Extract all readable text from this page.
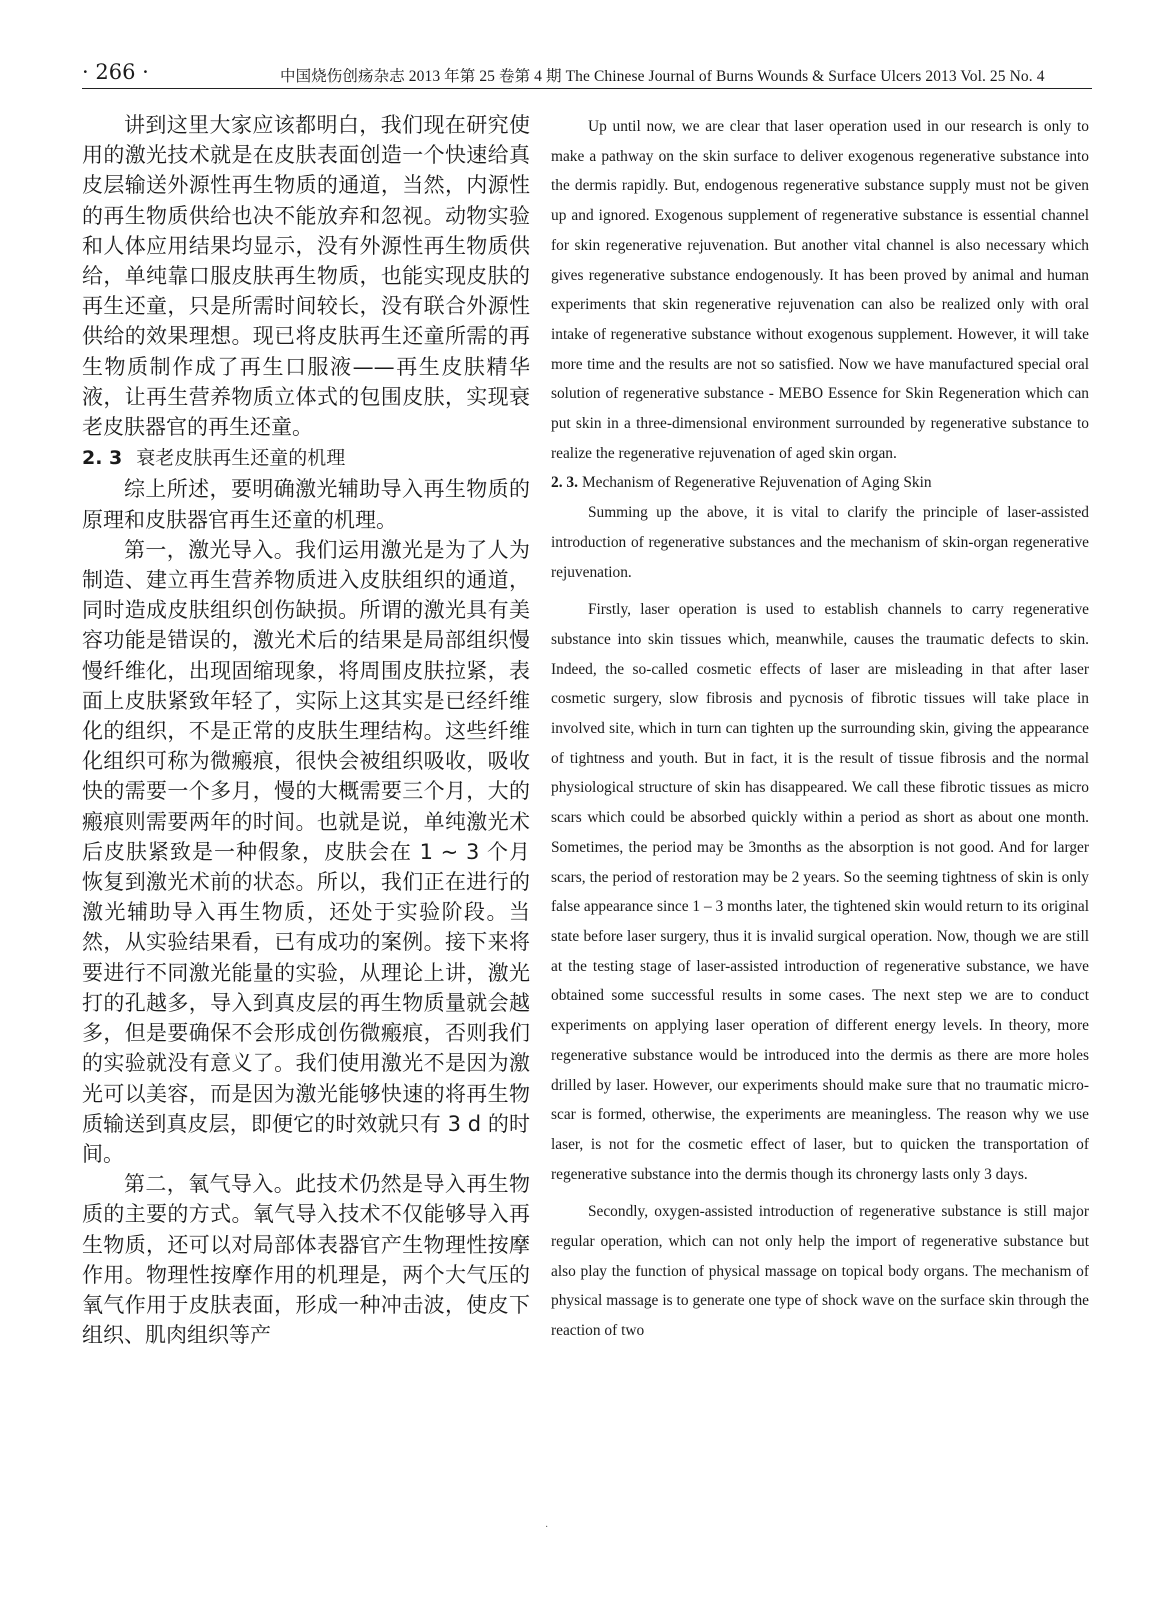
· 266 ·	中国烧伤创疡杂志 2013 年第 25 卷第 4 期 The Chinese Journal of Burns Wounds & Surface Ulcers 2013 Vol. 25 No. 4

讲到这里大家应该都明白，我们现在研究使用的激光技术就是在皮肤表面创造一个快速给真皮层输送外源性再生物质的通道，当然，内源性的再生物质供给也决不能放弃和忽视。动物实验和人体应用结果均显示，没有外源性再生物质供给，单纯靠口服皮肤再生物质，也能实现皮肤的再生还童，只是所需时间较长，没有联合外源性供给的效果理想。现已将皮肤再生还童所需的再生物质制作成了再生口服液——再生皮肤精华液，让再生营养物质立体式的包围皮肤，实现衰老皮肤器官的再生还童。

2. 3 衰老皮肤再生还童的机理

综上所述，要明确激光辅助导入再生物质的原理和皮肤器官再生还童的机理。

第一，激光导入。我们运用激光是为了人为制造、建立再生营养物质进入皮肤组织的通道，同时造成皮肤组织创伤缺损。所谓的激光具有美容功能是错误的，激光术后的结果是局部组织慢慢纤维化，出现固缩现象，将周围皮肤拉紧，表面上皮肤紧致年轻了，实际上这其实是已经纤维化的组织，不是正常的皮肤生理结构。这些纤维化组织可称为微瘢痕，很快会被组织吸收，吸收快的需要一个多月，慢的大概需要三个月，大的瘢痕则需要两年的时间。也就是说，单纯激光术后皮肤紧致是一种假象，皮肤会在 1 ~ 3 个月恢复到激光术前的状态。所以，我们正在进行的激光辅助导入再生物质，还处于实验阶段。当然，从实验结果看，已有成功的案例。接下来将要进行不同激光能量的实验，从理论上讲，激光打的孔越多，导入到真皮层的再生物质量就会越多，但是要确保不会形成创伤微瘢痕，否则我们的实验就没有意义了。我们使用激光不是因为激光可以美容，而是因为激光能够快速的将再生物质输送到真皮层，即便它的时效就只有 3 d 的时间。

第二，氧气导入。此技术仍然是导入再生物质的主要的方式。氧气导入技术不仅能够导入再生物质，还可以对局部体表器官产生物理性按摩作用。物理性按摩作用的机理是，两个大气压的氧气作用于皮肤表面，形成一种冲击波，使皮下组织、肌肉组织等产

Up until now, we are clear that laser operation used in our research is only to make a pathway on the skin surface to deliver exogenous regenerative substance into the dermis rapidly. But, endogenous regenerative substance supply must not be given up and ignored. Exogenous supplement of regenerative substance is essential channel for skin regenerative rejuvenation. But another vital channel is also necessary which gives regenerative substance endogenously. It has been proved by animal and human experiments that skin regenerative rejuvenation can also be realized only with oral intake of regenerative substance without exogenous supplement. However, it will take more time and the results are not so satisfied. Now we have manufactured special oral solution of regenerative substance - MEBO Essence for Skin Regeneration which can put skin in a three-dimensional environment surrounded by regenerative substance to realize the regenerative rejuvenation of aged skin organ.

2. 3. Mechanism of Regenerative Rejuvenation of Aging Skin

Summing up the above, it is vital to clarify the principle of laser-assisted introduction of regenerative substances and the mechanism of skin-organ regenerative rejuvenation.

Firstly, laser operation is used to establish channels to carry regenerative substance into skin tissues which, meanwhile, causes the traumatic defects to skin. Indeed, the so-called cosmetic effects of laser are misleading in that after laser cosmetic surgery, slow fibrosis and pycnosis of fibrotic tissues will take place in involved site, which in turn can tighten up the surrounding skin, giving the appearance of tightness and youth. But in fact, it is the result of tissue fibrosis and the normal physiological structure of skin has disappeared. We call these fibrotic tissues as micro scars which could be absorbed quickly within a period as short as about one month. Sometimes, the period may be 3months as the absorption is not good. And for larger scars, the period of restoration may be 2 years. So the seeming tightness of skin is only false appearance since 1 – 3 months later, the tightened skin would return to its original state before laser surgery, thus it is invalid surgical operation. Now, though we are still at the testing stage of laser-assisted introduction of regenerative substance, we have obtained some successful results in some cases. The next step we are to conduct experiments on applying laser operation of different energy levels. In theory, more regenerative substance would be introduced into the dermis as there are more holes drilled by laser. However, our experiments should make sure that no traumatic micro-scar is formed, otherwise, the experiments are meaningless. The reason why we use laser, is not for the cosmetic effect of laser, but to quicken the transportation of regenerative substance into the dermis though its chronergy lasts only 3 days.

Secondly, oxygen-assisted introduction of regenerative substance is still major regular operation, which can not only help the import of regenerative substance but also play the function of physical massage on topical body organs. The mechanism of physical massage is to generate one type of shock wave on the surface skin through the reaction of two

·
